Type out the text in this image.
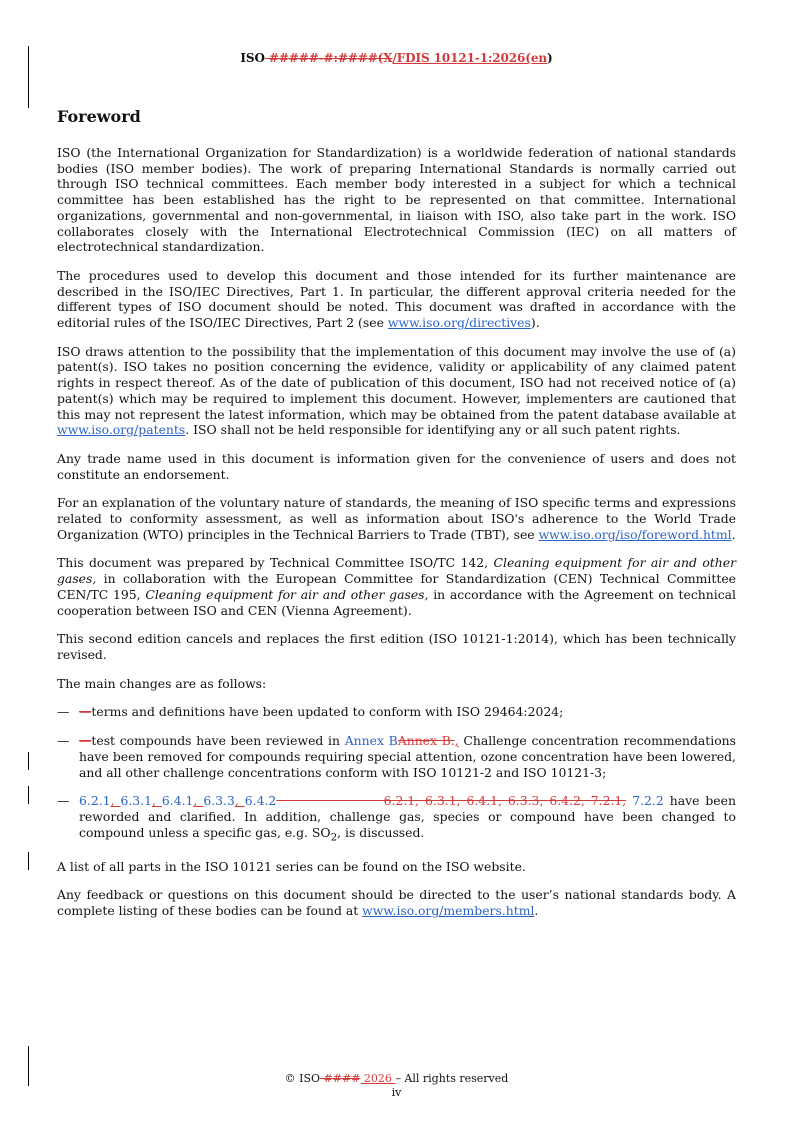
ISO #####-#:####(X/FDIS 10121-1:2026(en)
Foreword

ISO (the International Organization for Standardization) is a worldwide federation of national standards bodies (ISO member bodies). The work of preparing International Standards is normally carried out through ISO technical committees. Each member body interested in a subject for which a technical committee has been established has the right to be represented on that committee. International organizations, governmental and non-governmental, in liaison with ISO, also take part in the work. ISO collaborates closely with the International Electrotechnical Commission (IEC) on all matters of electrotechnical standardization.

The procedures used to develop this document and those intended for its further maintenance are described in the ISO/IEC Directives, Part 1. In particular, the different approval criteria needed for the different types of ISO document should be noted. This document was drafted in accordance with the editorial rules of the ISO/IEC Directives, Part 2 (see www.iso.org/directives).

ISO draws attention to the possibility that the implementation of this document may involve the use of (a) patent(s). ISO takes no position concerning the evidence, validity or applicability of any claimed patent rights in respect thereof. As of the date of publication of this document, ISO had not received notice of (a) patent(s) which may be required to implement this document. However, implementers are cautioned that this may not represent the latest information, which may be obtained from the patent database available at www.iso.org/patents. ISO shall not be held responsible for identifying any or all such patent rights.

Any trade name used in this document is information given for the convenience of users and does not constitute an endorsement.

For an explanation of the voluntary nature of standards, the meaning of ISO specific terms and expressions related to conformity assessment, as well as information about ISO's adherence to the World Trade Organization (WTO) principles in the Technical Barriers to Trade (TBT), see www.iso.org/iso/foreword.html.

This document was prepared by Technical Committee ISO/TC 142, Cleaning equipment for air and other gases, in collaboration with the European Committee for Standardization (CEN) Technical Committee CEN/TC 195, Cleaning equipment for air and other gases, in accordance with the Agreement on technical cooperation between ISO and CEN (Vienna Agreement).

This second edition cancels and replaces the first edition (ISO 10121-1:2014), which has been technically revised.

The main changes are as follows:

— —terms and definitions have been updated to conform with ISO 29464:2024;
— —test compounds have been reviewed in Annex BAnnex B., Challenge concentration recommendations have been removed for compounds requiring special attention, ozone concentration have been lowered, and all other challenge concentrations conform with ISO 10121-2 and ISO 10121-3;
— 6.2.1, 6.3.1, 6.4.1, 6.3.3, 6.4.2	6.2.1, 6.3.1, 6.4.1, 6.3.3, 6.4.2, 7.2.1, 7.2.2 have been reworded and clarified. In addition, challenge gas, species or compound have been changed to compound unless a specific gas, e.g. $SO_2$, is discussed.

A list of all parts in the ISO 10121 series can be found on the ISO website.

Any feedback or questions on this document should be directed to the user’s national standards body. A complete listing of these bodies can be found at www.iso.org/members.html.

© ISO #### 2026 – All rights reserved
iv
